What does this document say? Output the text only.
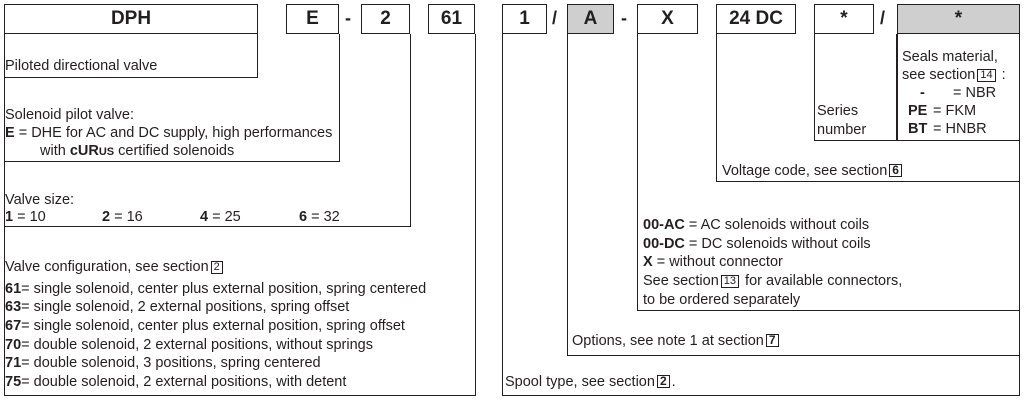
DPH	E	-	2	61	1	/	A	-	X	24 DC	*	/	*
Piloted directional valve
Solenoid pilot valve:
E = DHE for AC and DC supply, high performances
with cURUS certified solenoids
Valve size:
1 = 10	2 = 16	4 = 25	6 = 32
Valve configuration, see section 2
61= single solenoid, center plus external position, spring centered
63= single solenoid, 2 external positions, spring offset
67= single solenoid, center plus external position, spring offset
70= double solenoid, 2 external positions, without springs
71= double solenoid, 3 positions, spring centered
75= double solenoid, 2 external positions, with detent	Spool type, see section 2 .
Options, see note 1 at section 7
00-AC = AC solenoids without coils
00-DC = DC solenoids without coils
X = without connector
See section 13 for available connectors,
to be ordered separately
Voltage code, see section 6
Series
number
Seals material,
see section 14 :
- = NBR
PE = FKM
BT = HNBR
